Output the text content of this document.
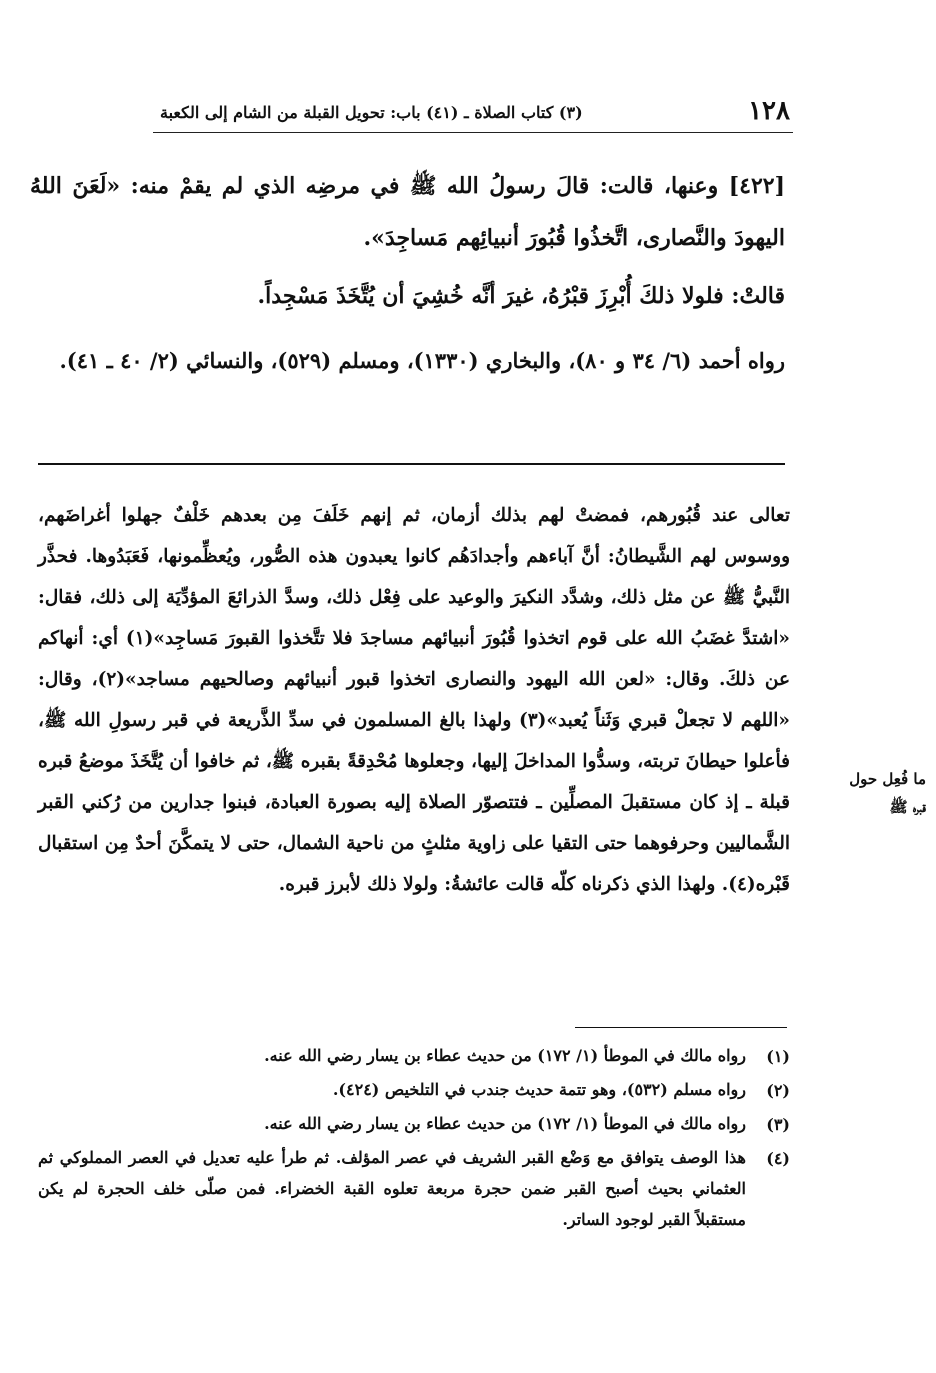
١٢٨
(٣) كتاب الصلاة ـ (٤١) باب: تحويل القبلة من الشام إلى الكعبة

[٤٢٢] وعنها، قالت: قالَ رسولُ الله ﷺ في مرضِه الذي لم يقمْ منه: «لَعَنَ اللهُ اليهودَ والنَّصارى، اتَّخذُوا قُبُورَ أنبيائِهم مَساجِدَ».

قالتْ: فلولا ذلكَ أُبْرِزَ قبْرُهُ، غيرَ أنَّه خُشِيَ أن يُتَّخَذَ مَسْجِداً.

رواه أحمد (٦/ ٣٤ و ٨٠)، والبخاري (١٣٣٠)، ومسلم (٥٢٩)، والنسائي (٢/ ٤٠ ـ ٤١).

تعالى عند قُبُورهم، فمضتْ لهم بذلك أزمان، ثم إنهم خَلَفَ مِن بعدهم خَلْفٌ جهلوا أغراضَهم، ووسوس لهم الشَّيطانُ: أنَّ آباءهم وأجدادَهُم كانوا يعبدون هذه الصُّور، ويُعظِّمونها، فَعَبَدُوها. فحذَّر النَّبيُّ ﷺ عن مثل ذلك، وشدَّد النكيرَ والوعيد على فِعْل ذلك، وسدَّ الذرائعَ المؤدِّيَة إلى ذلك، فقال: «اشتدَّ غضَبُ الله على قوم اتخذوا قُبُورَ أنبيائهم مساجدَ فلا تتَّخذوا القبورَ مَساجِد»(١) أي: أنهاكم عن ذلكَ. وقال: «لعن الله اليهود والنصارى اتخذوا قبور أنبيائهم وصالحيهم مساجد»(٢)، وقال: «اللهم لا تجعلْ قبري وَثَناً يُعبد»(٣) ولهذا بالغ المسلمون في سدِّ الذَّريعة في قبر رسولِ الله ﷺ، فأعلوا حيطانَ تربته، وسدُّوا المداخلَ إليها، وجعلوها مُحْدِقةً بقبره ﷺ، ثم خافوا أن يُتَّخَذَ موضعُ قبره قبلة ـ إذ كان مستقبلَ المصلِّين ـ فتتصوّر الصلاة إليه بصورة العبادة، فبنوا جدارين من رُكني القبر الشَّماليين وحرفوهما حتى التقيا على زاوية مثلثٍ من ناحية الشمال، حتى لا يتمكَّنَ أحدٌ مِن استقبال قَبْره(٤). ولهذا الذي ذكرناه كلّه قالت عائشةُ: ولولا ذلك لأبرز قبره.

ما فُعِل حول
قبره ﷺ
(١)
رواه مالك في الموطأ (١/ ١٧٢) من حديث عطاء بن يسار رضي الله عنه.
(٢)
رواه مسلم (٥٣٢)، وهو تتمة حديث جندب في التلخيص (٤٢٤).
(٣)
رواه مالك في الموطأ (١/ ١٧٢) من حديث عطاء بن يسار رضي الله عنه.
(٤)
هذا الوصف يتوافق مع وَضْع القبر الشريف في عصر المؤلف. ثم طرأ عليه تعديل في العصر المملوكي ثم العثماني بحيث أصبح القبر ضمن حجرة مربعة تعلوه القبة الخضراء. فمن صلّى خلف الحجرة لم يكن مستقبلاً القبر لوجود الساتر.
